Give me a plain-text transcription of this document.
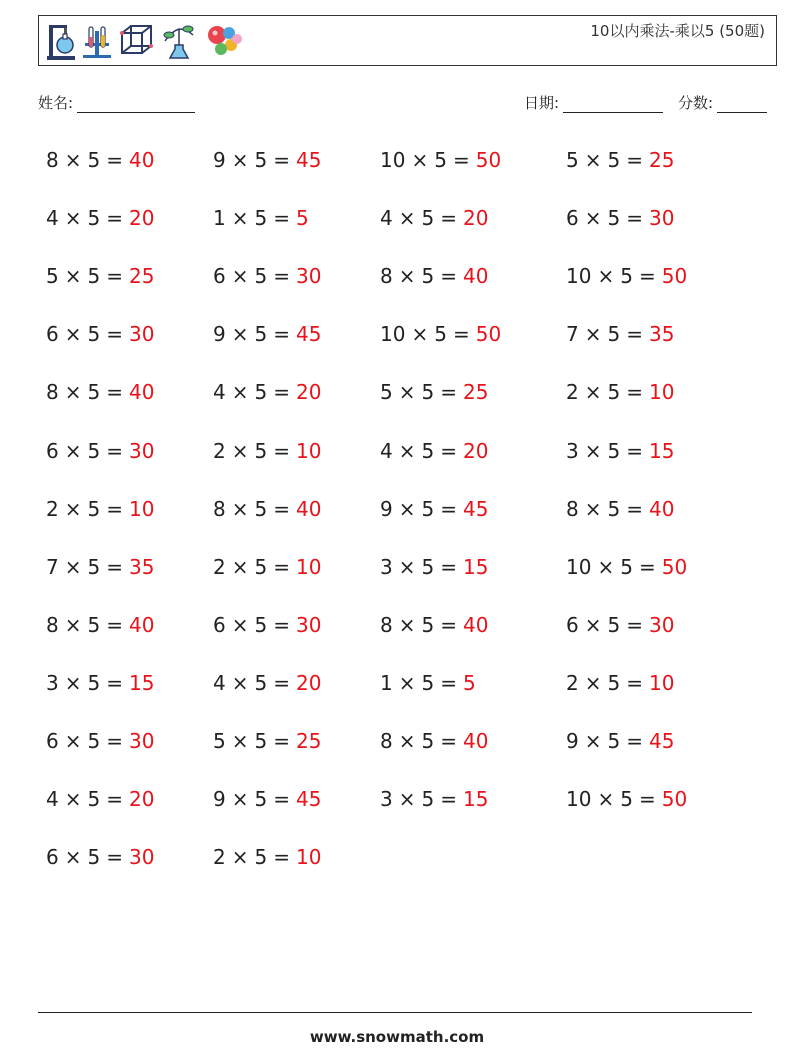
10以内乘法-乘以5 (50题)
姓名:	日期:	分数:
8 × 5 = 40	9 × 5 = 45	10 × 5 = 50	5 × 5 = 25
4 × 5 = 20	1 × 5 = 5	4 × 5 = 20	6 × 5 = 30
5 × 5 = 25	6 × 5 = 30	8 × 5 = 40	10 × 5 = 50
6 × 5 = 30	9 × 5 = 45	10 × 5 = 50	7 × 5 = 35
8 × 5 = 40	4 × 5 = 20	5 × 5 = 25	2 × 5 = 10
6 × 5 = 30	2 × 5 = 10	4 × 5 = 20	3 × 5 = 15
2 × 5 = 10	8 × 5 = 40	9 × 5 = 45	8 × 5 = 40
7 × 5 = 35	2 × 5 = 10	3 × 5 = 15	10 × 5 = 50
8 × 5 = 40	6 × 5 = 30	8 × 5 = 40	6 × 5 = 30
3 × 5 = 15	4 × 5 = 20	1 × 5 = 5	2 × 5 = 10
6 × 5 = 30	5 × 5 = 25	8 × 5 = 40	9 × 5 = 45
4 × 5 = 20	9 × 5 = 45	3 × 5 = 15	10 × 5 = 50
6 × 5 = 30	2 × 5 = 10
www.snowmath.com
